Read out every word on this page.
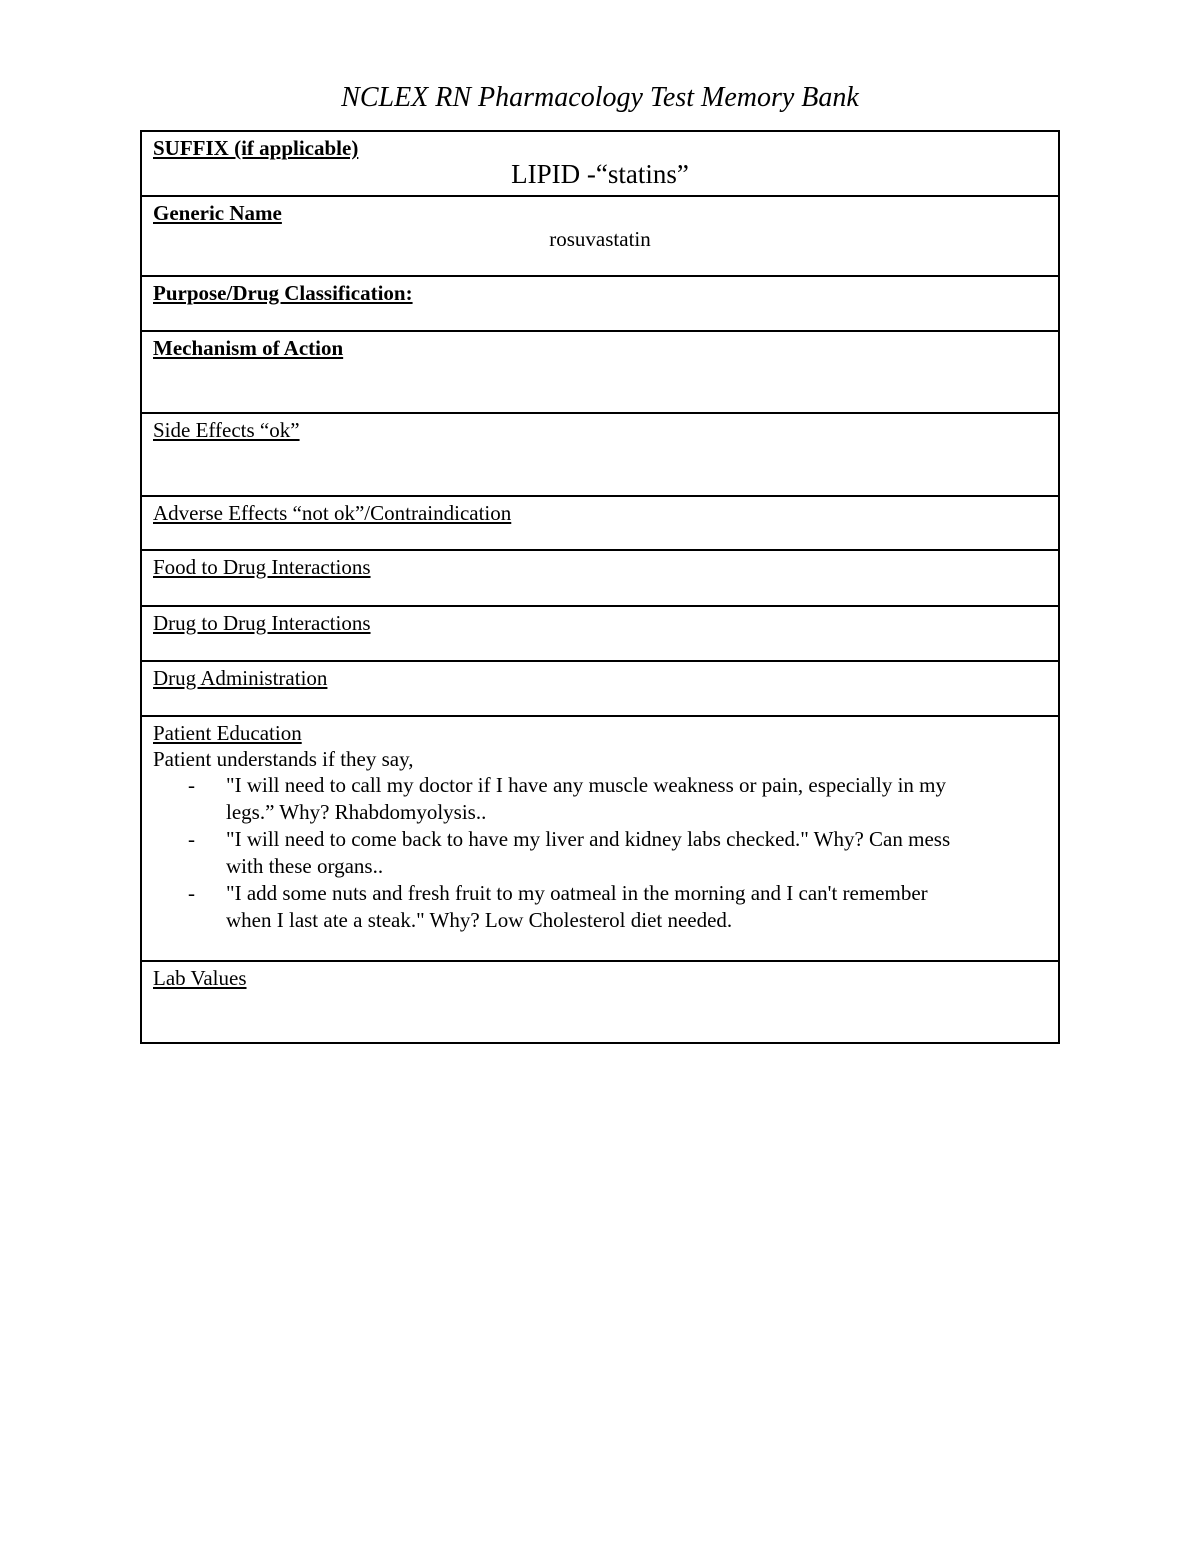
NCLEX RN Pharmacology Test Memory Bank
SUFFIX (if applicable)
LIPID -“statins”
Generic Name
rosuvastatin
Purpose/Drug Classification:
Mechanism of Action
Side Effects “ok”
Adverse Effects “not ok”/Contraindication
Food to Drug Interactions
Drug to Drug Interactions
Drug Administration
Patient Education
Patient understands if they say,
- "I will need to call my doctor if I have any muscle weakness or pain, especially in my
legs.” Why? Rhabdomyolysis..
- "I will need to come back to have my liver and kidney labs checked." Why? Can mess
with these organs..
- "I add some nuts and fresh fruit to my oatmeal in the morning and I can't remember
when I last ate a steak." Why? Low Cholesterol diet needed.
Lab Values
